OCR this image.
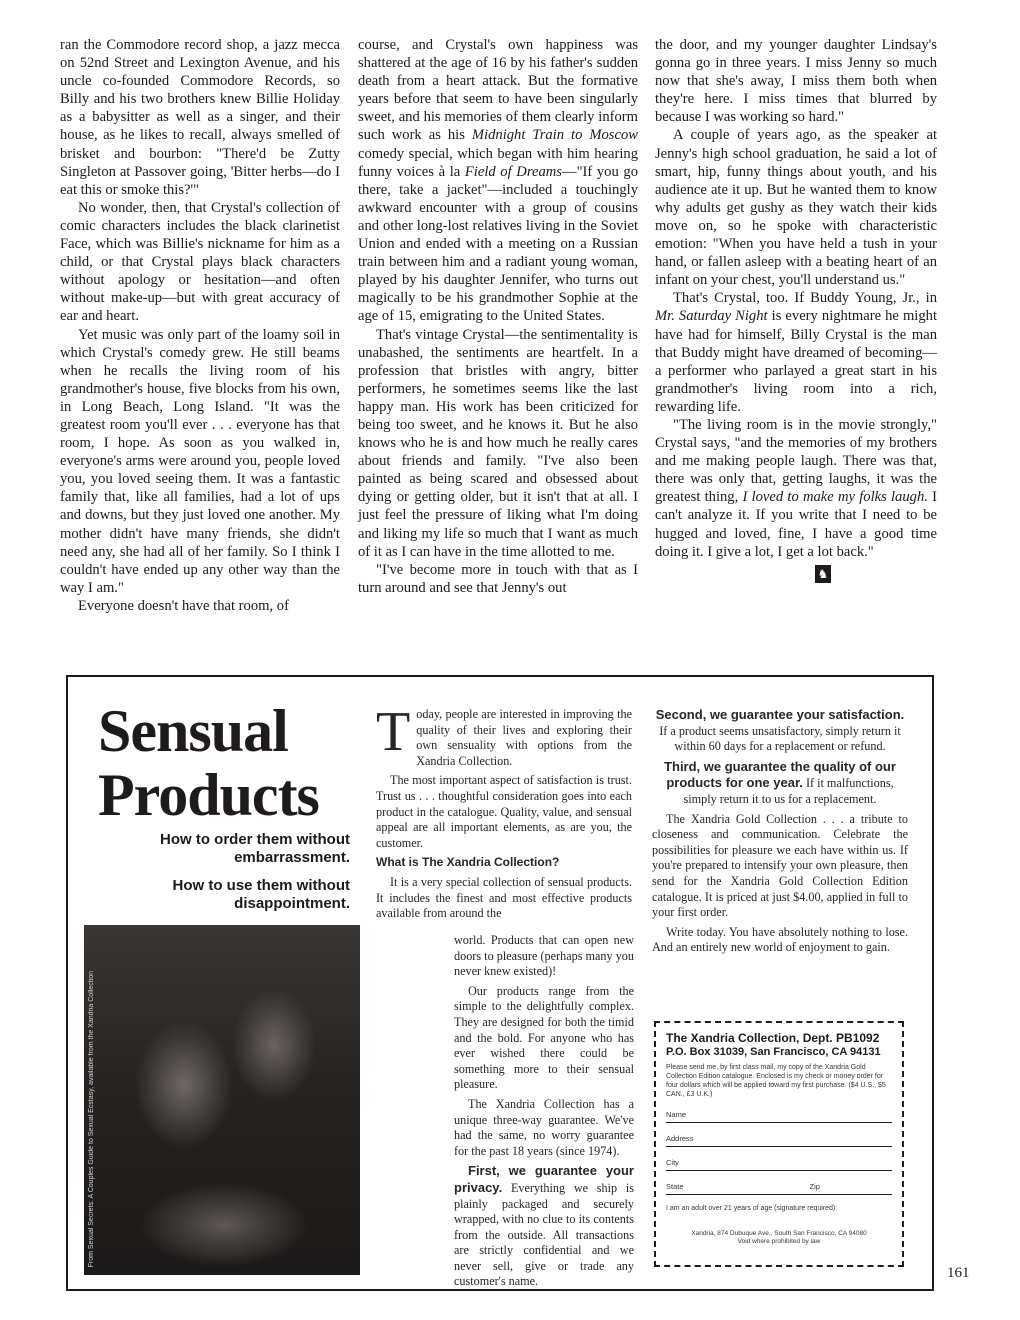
ran the Commodore record shop, a jazz mecca on 52nd Street and Lexington Avenue, and his uncle co-founded Commodore Records, so Billy and his two brothers knew Billie Holiday as a babysitter as well as a singer, and their house, as he likes to recall, always smelled of brisket and bourbon: "There'd be Zutty Singleton at Passover going, 'Bitter herbs—do I eat this or smoke this?'"

No wonder, then, that Crystal's collection of comic characters includes the black clarinetist Face, which was Billie's nickname for him as a child, or that Crystal plays black characters without apology or hesitation—and often without make-up—but with great accuracy of ear and heart.

Yet music was only part of the loamy soil in which Crystal's comedy grew. He still beams when he recalls the living room of his grandmother's house, five blocks from his own, in Long Beach, Long Island. "It was the greatest room you'll ever . . . everyone has that room, I hope. As soon as you walked in, everyone's arms were around you, people loved you, you loved seeing them. It was a fantastic family that, like all families, had a lot of ups and downs, but they just loved one another. My mother didn't have many friends, she didn't need any, she had all of her family. So I think I couldn't have ended up any other way than the way I am."

Everyone doesn't have that room, of

course, and Crystal's own happiness was shattered at the age of 16 by his father's sudden death from a heart attack. But the formative years before that seem to have been singularly sweet, and his memories of them clearly inform such work as his Midnight Train to Moscow comedy special, which began with him hearing funny voices à la Field of Dreams—"If you go there, take a jacket"—included a touchingly awkward encounter with a group of cousins and other long-lost relatives living in the Soviet Union and ended with a meeting on a Russian train between him and a radiant young woman, played by his daughter Jennifer, who turns out magically to be his grandmother Sophie at the age of 15, emigrating to the United States.

That's vintage Crystal—the sentimentality is unabashed, the sentiments are heartfelt. In a profession that bristles with angry, bitter performers, he sometimes seems like the last happy man. His work has been criticized for being too sweet, and he knows it. But he also knows who he is and how much he really cares about friends and family. "I've also been painted as being scared and obsessed about dying or getting older, but it isn't that at all. I just feel the pressure of liking what I'm doing and liking my life so much that I want as much of it as I can have in the time allotted to me.

"I've become more in touch with that as I turn around and see that Jenny's out

the door, and my younger daughter Lindsay's gonna go in three years. I miss Jenny so much now that she's away, I miss them both when they're here. I miss times that blurred by because I was working so hard."

A couple of years ago, as the speaker at Jenny's high school graduation, he said a lot of smart, hip, funny things about youth, and his audience ate it up. But he wanted them to know why adults get gushy as they watch their kids move on, so he spoke with characteristic emotion: "When you have held a tush in your hand, or fallen asleep with a beating heart of an infant on your chest, you'll understand us."

That's Crystal, too. If Buddy Young, Jr., in Mr. Saturday Night is every nightmare he might have had for himself, Billy Crystal is the man that Buddy might have dreamed of becoming—a performer who parlayed a great start in his grandmother's living room into a rich, rewarding life.

"The living room is in the movie strongly," Crystal says, "and the memories of my brothers and me making people laugh. There was that, there was only that, getting laughs, it was the greatest thing, I loved to make my folks laugh. I can't analyze it. If you write that I need to be hugged and loved, fine, I have a good time doing it. I give a lot, I get a lot back."

♞
Sensual
Products
How to order them without embarrassment.
How to use them without disappointment.
From Sexual Secrets: A Couples Guide to Sexual Ecstasy, available from the Xandria Collection

Today, people are interested in improving the quality of their lives and exploring their own sensuality with options from the Xandria Collection.

The most important aspect of satisfaction is trust. Trust us . . . thoughtful consideration goes into each product in the catalogue. Quality, value, and sensual appeal are all important elements, as are you, the customer.

What is The Xandria Collection?

It is a very special collection of sensual products. It includes the finest and most effective products available from around the

world. Products that can open new doors to pleasure (perhaps many you never knew existed)!

Our products range from the simple to the delightfully complex. They are designed for both the timid and the bold. For anyone who has ever wished there could be something more to their sensual pleasure.

The Xandria Collection has a unique three-way guarantee. We've had the same, no worry guarantee for the past 18 years (since 1974).

First, we guarantee your privacy. Everything we ship is plainly packaged and securely wrapped, with no clue to its contents from the outside. All transactions are strictly confidential and we never sell, give or trade any customer's name.

Second, we guarantee your satisfaction. If a product seems unsatisfactory, simply return it within 60 days for a replacement or refund.

Third, we guarantee the quality of our products for one year. If it malfunctions, simply return it to us for a replacement.

The Xandria Gold Collection . . . a tribute to closeness and communication. Celebrate the possibilities for pleasure we each have within us. If you're prepared to intensify your own pleasure, then send for the Xandria Gold Collection Edition catalogue. It is priced at just $4.00, applied in full to your first order.

Write today. You have absolutely nothing to lose. And an entirely new world of enjoyment to gain.

The Xandria Collection, Dept. PB1092
P.O. Box 31039, San Francisco, CA 94131
Please send me, by first class mail, my copy of the Xandria Gold Collection Edition catalogue. Enclosed is my check or money order for four dollars which will be applied toward my first purchase. ($4 U.S., $5 CAN., £3 U.K.)
Name
Address
City
State	Zip
I am an adult over 21 years of age (signature required):
Xandria, 874 Dubuque Ave., South San Francisco, CA 94080
Void where prohibited by law
161
